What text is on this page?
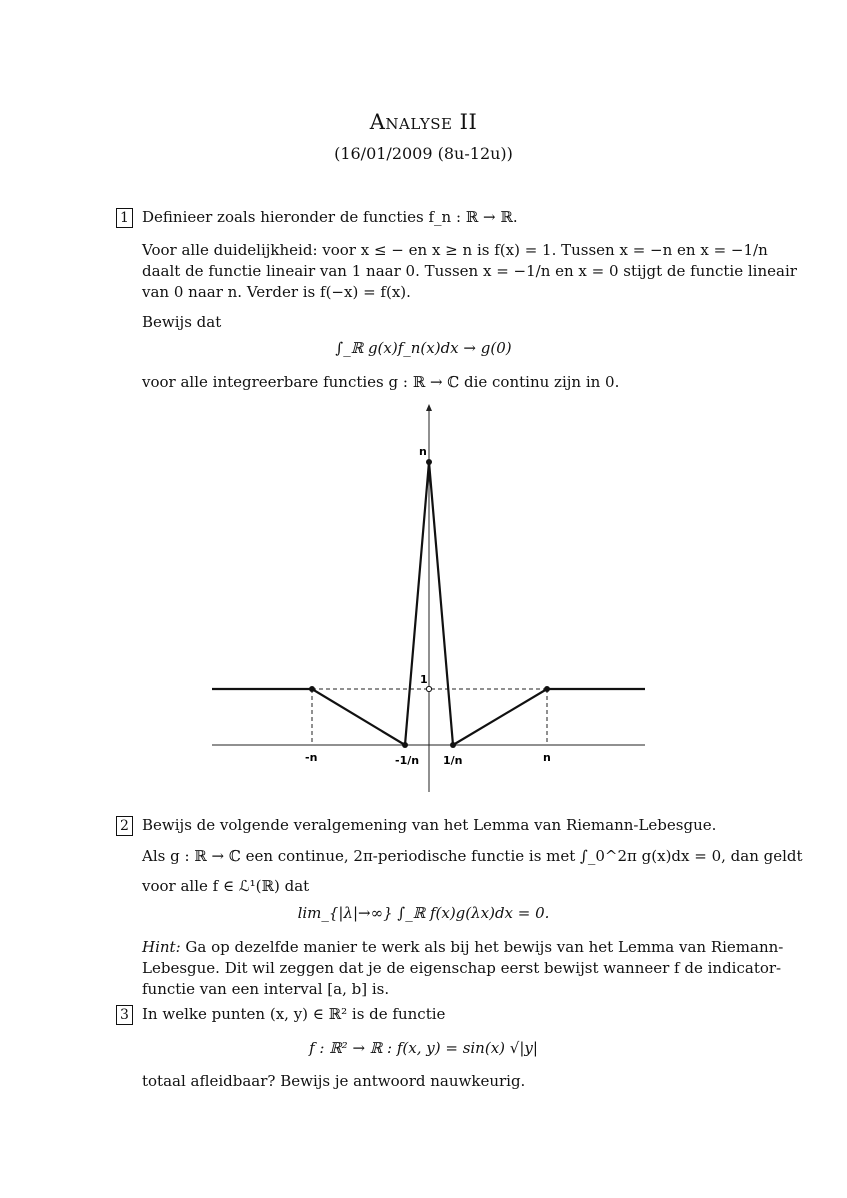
Analyse II
(16/01/2009 (8u-12u))
1 Definieer zoals hieronder de functies f_n : ℝ → ℝ.
Voor alle duidelijkheid: voor x ≤ − en x ≥ n is f(x) = 1. Tussen x = −n en x = −1/n
daalt de functie lineair van 1 naar 0. Tussen x = −1/n en x = 0 stijgt de functie lineair
van 0 naar n. Verder is f(−x) = f(x).
Bewijs dat
∫_ℝ g(x)f_n(x)dx → g(0)
voor alle integreerbare functies g : ℝ → ℂ die continu zijn in 0.
n
1
-n	-1/n 1/n	n
2 Bewijs de volgende veralgemening van het Lemma van Riemann-Lebesgue.
Als g : ℝ → ℂ een continue, 2π-periodische functie is met ∫_0^2π g(x)dx = 0, dan geldt
voor alle f ∈ ℒ¹(ℝ) dat
lim_{|λ|→∞} ∫_ℝ f(x)g(λx)dx = 0.
Hint: Ga op dezelfde manier te werk als bij het bewijs van het Lemma van Riemann-
Lebesgue. Dit wil zeggen dat je de eigenschap eerst bewijst wanneer f de indicator-
functie van een interval [a, b] is.
3 In welke punten (x, y) ∈ ℝ² is de functie
f : ℝ² → ℝ : f(x, y) = sin(x) √|y|
totaal afleidbaar? Bewijs je antwoord nauwkeurig.
